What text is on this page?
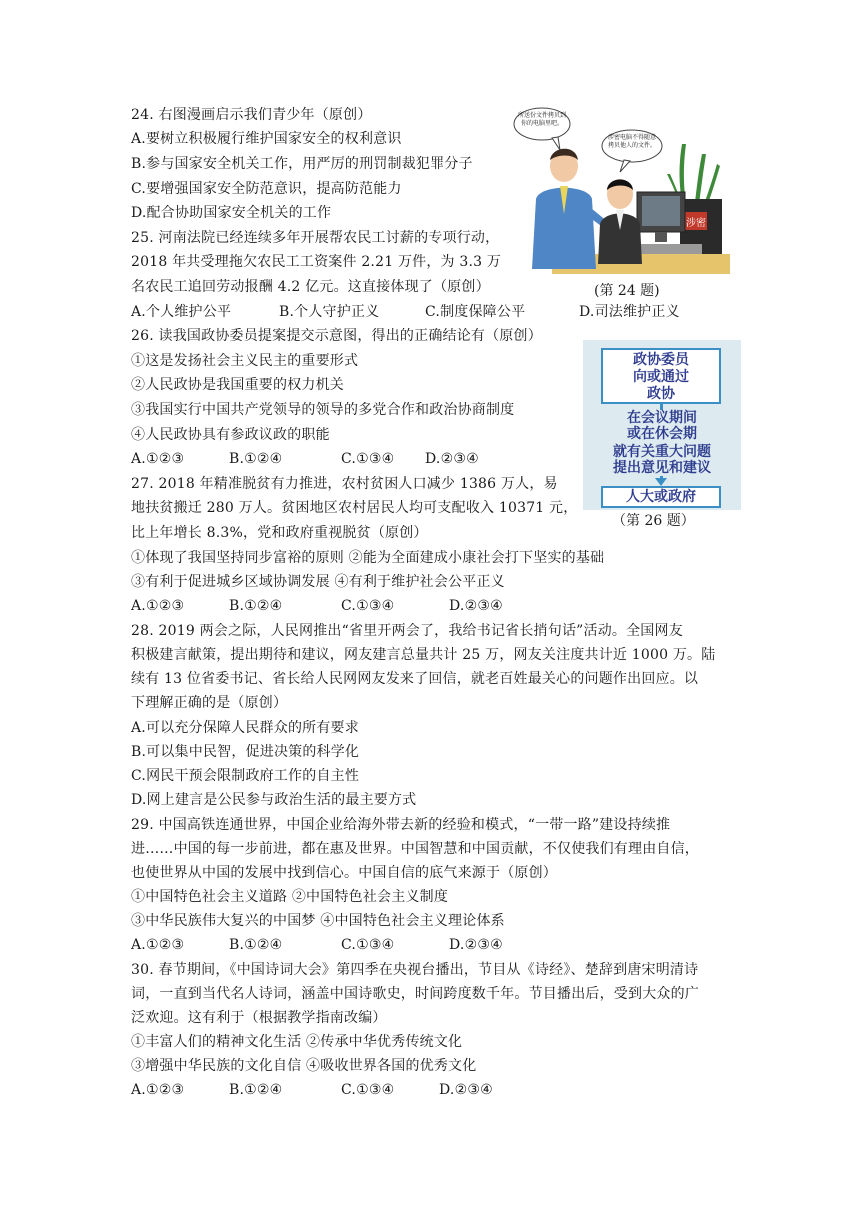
24. 右图漫画启示我们青少年（原创）
A.要树立积极履行维护国家安全的权利意识
B.参与国家安全机关工作，用严厉的刑罚制裁犯罪分子
C.要增强国家安全防范意识，提高防范能力
D.配合协助国家安全机关的工作
涉密
所送份文件拷贝到你的电脑里吧。
涉密电脑不得随意拷贝他人的文件。
(第 24 题)
25. 河南法院已经连续多年开展帮农民工讨薪的专项行动，
2018 年共受理拖欠农民工工资案件 2.21 万件，为 3.3 万
名农民工追回劳动报酬 4.2 亿元。这直接体现了（原创）
A.个人维护公平	B.个人守护正义	C.制度保障公平	D.司法维护正义
26. 读我国政协委员提案提交示意图，得出的正确结论有（原创）
①这是发扬社会主义民主的重要形式
②人民政协是我国重要的权力机关
③我国实行中国共产党领导的领导的多党合作和政治协商制度
④人民政协具有参政议政的职能
A.①②③	B.①②④	C.①③④ D.②③④
政协委员
向或通过
政协
在会议期间
或在休会期
就有关重大问题
提出意见和建议
人大或政府
（第 26 题）
27. 2018 年精准脱贫有力推进，农村贫困人口减少 1386 万人，易
地扶贫搬迁 280 万人。贫困地区农村居民人均可支配收入 10371 元，
比上年增长 8.3%，党和政府重视脱贫（原创）
①体现了我国坚持同步富裕的原则 ②能为全面建成小康社会打下坚实的基础
③有利于促进城乡区域协调发展 ④有利于维护社会公平正义
A.①②③	B.①②④	C.①③④	D.②③④
28. 2019 两会之际，人民网推出“省里开两会了，我给书记省长捎句话”活动。全国网友
积极建言献策，提出期待和建议，网友建言总量共计 25 万，网友关注度共计近 1000 万。陆
续有 13 位省委书记、省长给人民网网友发来了回信，就老百姓最关心的问题作出回应。以
下理解正确的是（原创）
A.可以充分保障人民群众的所有要求
B.可以集中民智，促进决策的科学化
C.网民干预会限制政府工作的自主性
D.网上建言是公民参与政治生活的最主要方式
29. 中国高铁连通世界，中国企业给海外带去新的经验和模式，“一带一路”建设持续推
进……中国的每一步前进，都在惠及世界。中国智慧和中国贡献，不仅使我们有理由自信，
也使世界从中国的发展中找到信心。中国自信的底气来源于（原创）
①中国特色社会主义道路 ②中国特色社会主义制度
③中华民族伟大复兴的中国梦 ④中国特色社会主义理论体系
A.①②③	B.①②④	C.①③④	D.②③④
30. 春节期间，《中国诗词大会》第四季在央视台播出，节目从《诗经》、楚辞到唐宋明清诗
词，一直到当代名人诗词，涵盖中国诗歌史，时间跨度数千年。节目播出后，受到大众的广
泛欢迎。这有利于（根据教学指南改编）
①丰富人们的精神文化生活 ②传承中华优秀传统文化
③增强中华民族的文化自信 ④吸收世界各国的优秀文化
A.①②③	B.①②④	C.①③④	D.②③④
